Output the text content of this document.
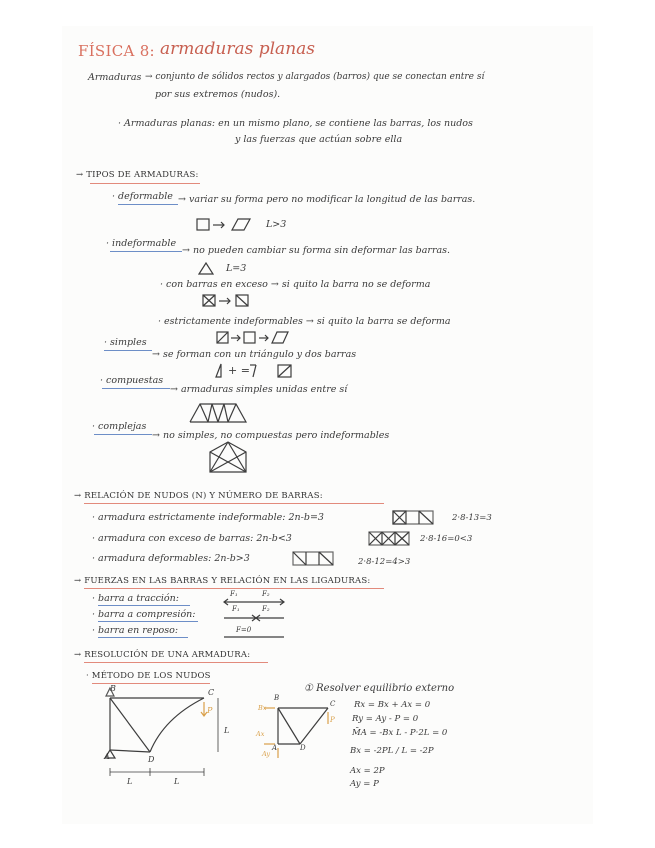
FÍSICA 8: armaduras planas
Armaduras → conjunto de sólidos rectos y alargados (barros) que se conectan entre sí
por sus extremos (nudos).
· Armaduras planas: en un mismo plano, se contiene las barras, los nudos
y las fuerzas que actúan sobre ella
→ TIPOS DE ARMADURAS:
· deformable → variar su forma pero no modificar la longitud de las barras.
L>3
· indeformable
→ no pueden cambiar su forma sin deformar las barras.
L=3
· con barras en exceso → si quito la barra no se deforma
· estrictamente indeformables → si quito la barra se deforma
· simples
→ se forman con un triángulo y dos barras
+ =
· compuestas
→ armaduras simples unidas entre sí
· complejas
→ no simples, no compuestas pero indeformables
→ RELACIÓN DE NUDOS (N) Y NÚMERO DE BARRAS:
· armadura estrictamente indeformable: 2n-b=3	2·8-13=3
· armadura con exceso de barras: 2n-b<3	2·8-16=0<3
· armadura deformables: 2n-b>3	2·8-12=4>3
→ FUERZAS EN LAS BARRAS Y RELACIÓN EN LAS LIGADURAS:
· barra a tracción:	F₁	F₂
· barra a compresión:	F₁	F₂
· barra en reposo:	F=0
→ RESOLUCIÓN DE UNA ARMADURA:
· MÉTODO DE LOS NUDOS
① Resolver equilibrio externo
B	C
A	D
P
L
L	L
B
C
A	D
P
Bx
Ax
Ay
Rx = Bx + Ax = 0
Ry = Ay - P = 0
M̄A = -Bx L - P·2L = 0
Bx = -2PL / L = -2P
Ax = 2P
Ay = P
